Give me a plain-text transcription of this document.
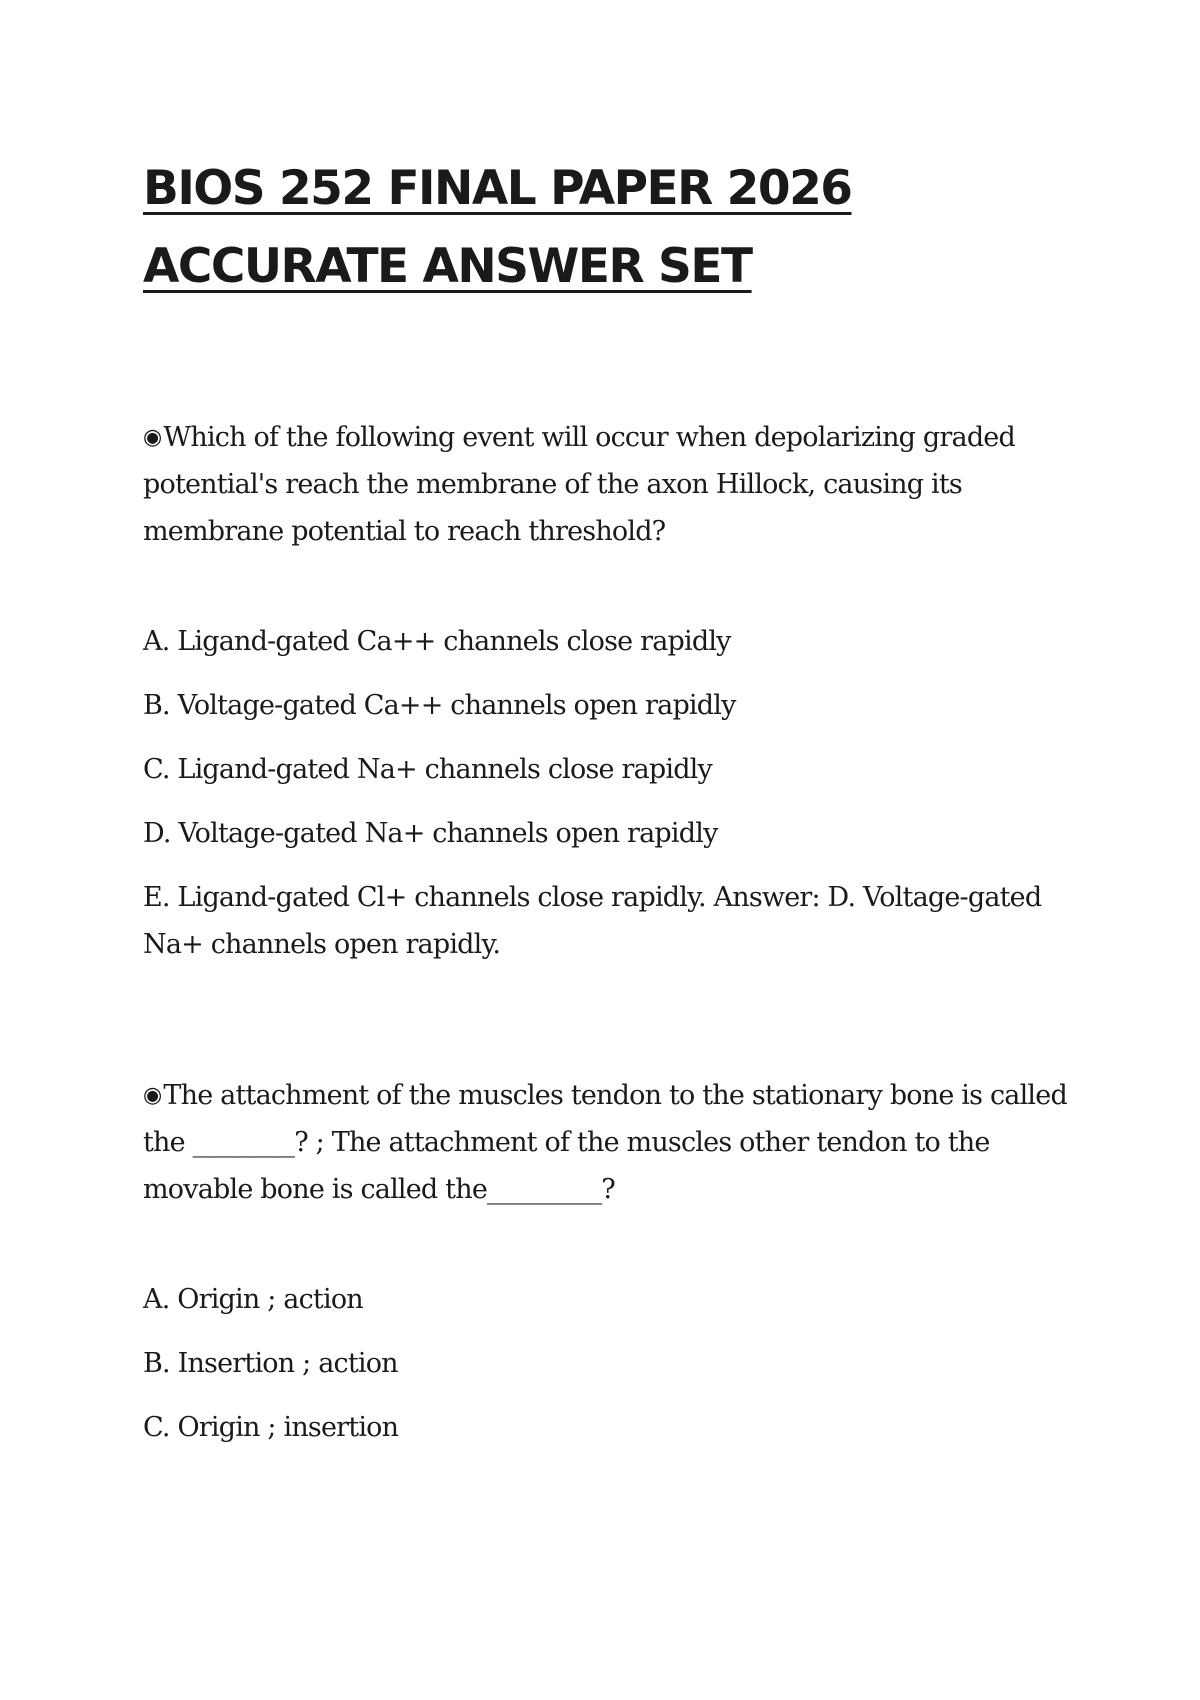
BIOS 252 FINAL PAPER 2026 ACCURATE ANSWER SET

◉Which of the following event will occur when depolarizing graded potential's reach the membrane of the axon Hillock, causing its membrane potential to reach threshold?

A. Ligand-gated Ca++ channels close rapidly
B. Voltage-gated Ca++ channels open rapidly
C. Ligand-gated Na+ channels close rapidly
D. Voltage-gated Na+ channels open rapidly
E. Ligand-gated Cl+ channels close rapidly. Answer: D. Voltage-gated Na+ channels open rapidly.

◉The attachment of the muscles tendon to the stationary bone is called the ________? ; The attachment of the muscles other tendon to the movable bone is called the_________?

A. Origin ; action
B. Insertion ; action
C. Origin ; insertion
